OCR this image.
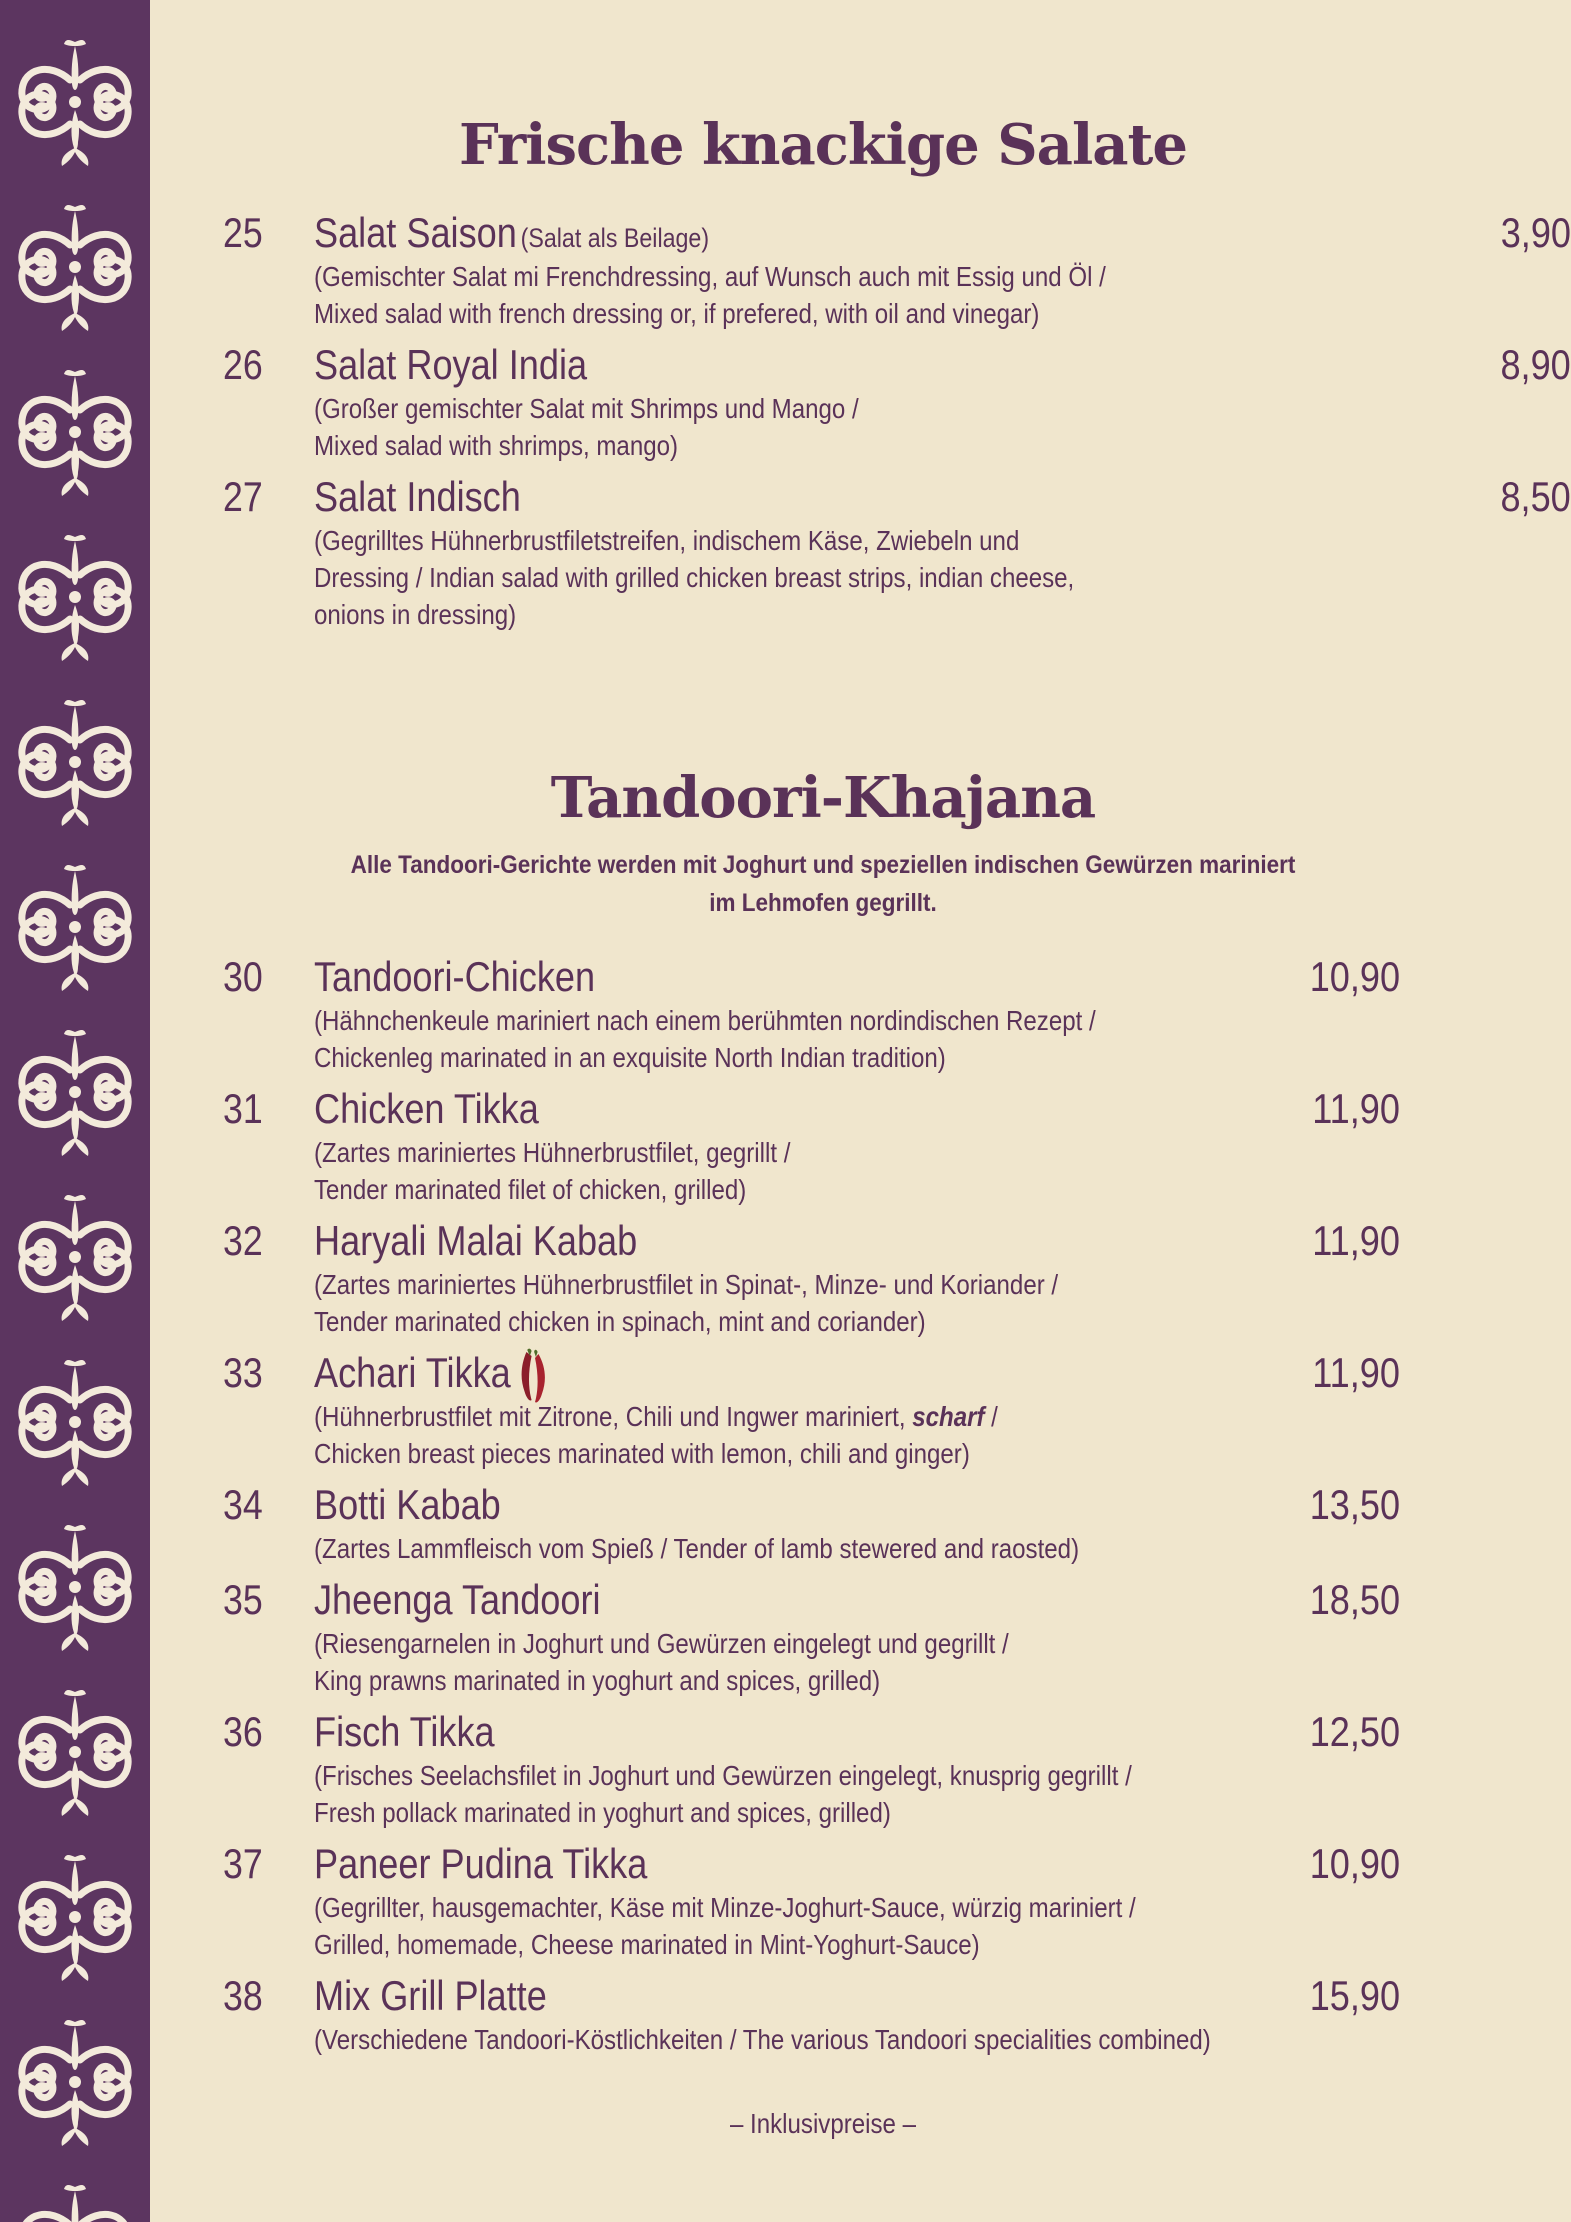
Frische knackige Salate
25 Salat Saison (Salat als Beilage)	3,90
(Gemischter Salat mi Frenchdressing, auf Wunsch auch mit Essig und Öl /
Mixed salad with french dressing or, if prefered, with oil and vinegar)
26 Salat Royal India	8,90
(Großer gemischter Salat mit Shrimps und Mango /
Mixed salad with shrimps, mango)
27 Salat Indisch	8,50
(Gegrilltes Hühnerbrustfiletstreifen, indischem Käse, Zwiebeln und
Dressing / Indian salad with grilled chicken breast strips, indian cheese,
onions in dressing)
Tandoori-Khajana
Alle Tandoori-Gerichte werden mit Joghurt und speziellen indischen Gewürzen mariniert
im Lehmofen gegrillt.
30 Tandoori-Chicken	10,90
(Hähnchenkeule mariniert nach einem berühmten nordindischen Rezept /
Chickenleg marinated in an exquisite North Indian tradition)
31 Chicken Tikka	11,90
(Zartes mariniertes Hühnerbrustfilet, gegrillt /
Tender marinated filet of chicken, grilled)
32 Haryali Malai Kabab	11,90
(Zartes mariniertes Hühnerbrustfilet in Spinat-, Minze- und Koriander /
Tender marinated chicken in spinach, mint and coriander)
33 Achari Tikka	11,90
(Hühnerbrustfilet mit Zitrone, Chili und Ingwer mariniert, scharf /
Chicken breast pieces marinated with lemon, chili and ginger)
34 Botti Kabab	13,50
(Zartes Lammfleisch vom Spieß / Tender of lamb stewered and raosted)
35 Jheenga Tandoori	18,50
(Riesengarnelen in Joghurt und Gewürzen eingelegt und gegrillt /
King prawns marinated in yoghurt and spices, grilled)
36 Fisch Tikka	12,50
(Frisches Seelachsfilet in Joghurt und Gewürzen eingelegt, knusprig gegrillt /
Fresh pollack marinated in yoghurt and spices, grilled)
37 Paneer Pudina Tikka	10,90
(Gegrillter, hausgemachter, Käse mit Minze-Joghurt-Sauce, würzig mariniert /
Grilled, homemade, Cheese marinated in Mint-Yoghurt-Sauce)
38 Mix Grill Platte	15,90
(Verschiedene Tandoori-Köstlichkeiten / The various Tandoori specialities combined)
– Inklusivpreise –
